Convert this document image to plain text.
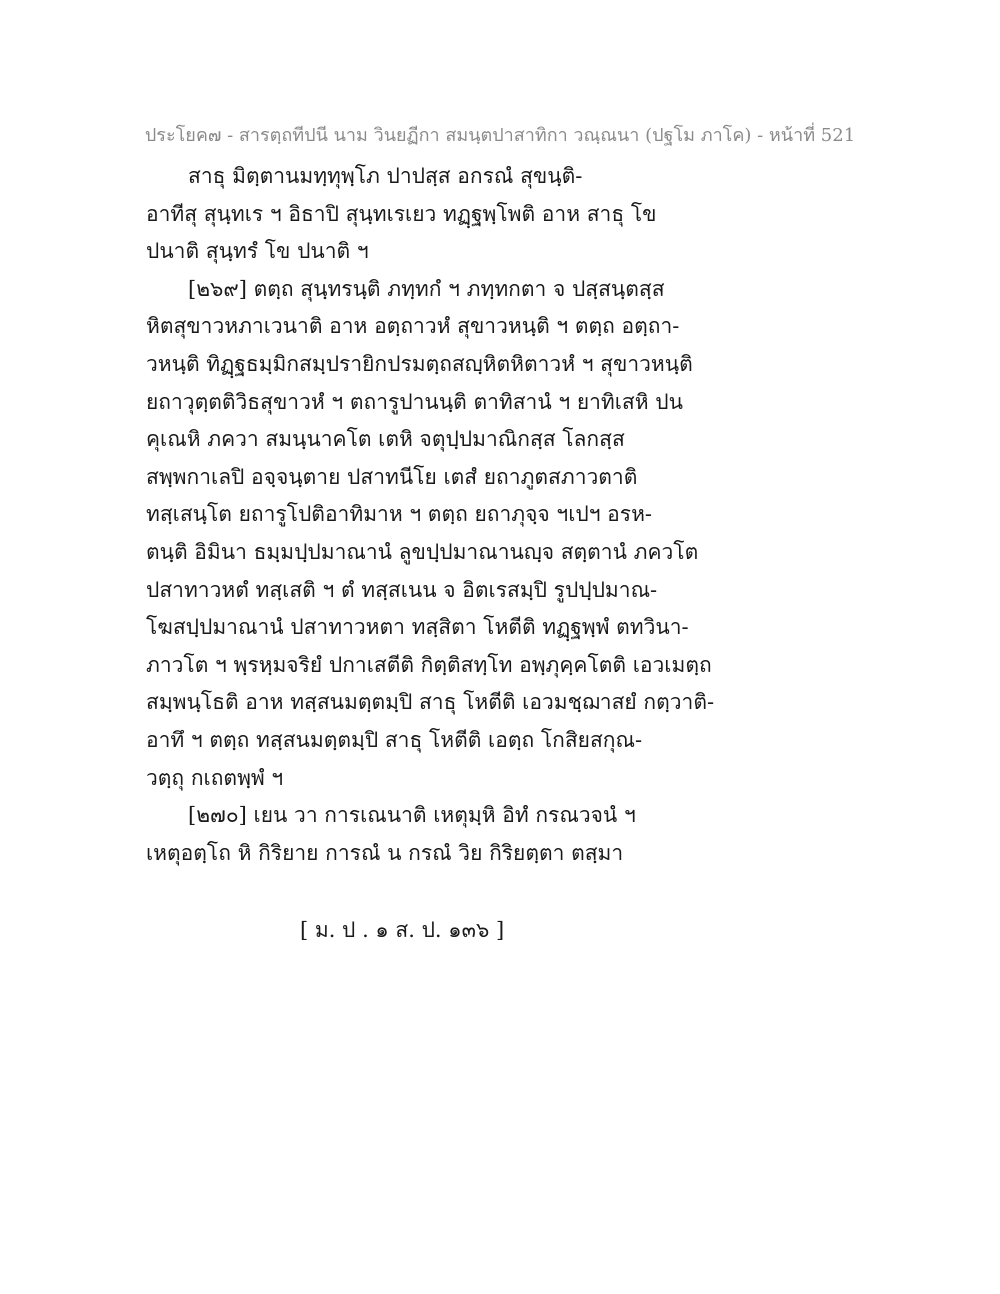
ประโยค๗ - สารตฺถทีปนี นาม วินยฏีกา สมนฺตปาสาทิกา วณฺณนา (ปฐโม ภาโค) - หน้าที่ 521
สาธุ มิตฺตานมทฺทุพฺโภ ปาปสฺส อกรณํ สุขนฺติ-
อาทีสุ สุนฺทเร ฯ อิธาปิ สุนฺทเรเยว ทฏฺฐพฺโพติ อาห สาธุ โข
ปนาติ สุนฺทรํ โข ปนาติ ฯ
[๒๖๙] ตตฺถ สุนฺทรนฺติ ภทฺทกํ ฯ ภทฺทกตา จ ปสฺสนฺตสฺส
หิตสุขาวหภาเวนาติ อาห อตฺถาวหํ สุขาวหนฺติ ฯ ตตฺถ อตฺถา-
วหนฺติ ทิฏฺฐธมฺมิกสมฺปรายิกปรมตฺถสญฺหิตหิตาวหํ ฯ สุขาวหนฺติ
ยถาวุตฺตติวิธสุขาวหํ ฯ ตถารูปานนฺติ ตาทิสานํ ฯ ยาทิเสหิ ปน
คุเณหิ ภควา สมนฺนาคโต เตหิ จตุปฺปมาณิกสฺส โลกสฺส
สพฺพกาเลปิ อจฺจนฺตาย ปสาทนีโย เตสํ ยถาภูตสภาวตาติ
ทสฺเสนฺโต ยถารูโปติอาทิมาห ฯ ตตฺถ ยถาภุจฺจ ฯเปฯ อรห-
ตนฺติ อิมินา ธมฺมปฺปมาณานํ ลูขปฺปมาณานญฺจ สตฺตานํ ภควโต
ปสาทาวหตํ ทสฺเสติ ฯ ตํ ทสฺสเนน จ อิตเรสมฺปิ รูปปฺปมาณ-
โฆสปฺปมาณานํ ปสาทาวหตา ทสฺสิตา โหตีติ ทฏฺฐพฺพํ ตทวินา-
ภาวโต ฯ พฺรหฺมจริยํ ปกาเสตีติ กิตฺติสทฺโท อพฺภุคฺคโตติ เอวเมตฺถ
สมฺพนฺโธติ อาห ทสฺสนมตฺตมฺปิ สาธุ โหตีติ เอวมชฺฌาสยํ กตฺวาติ-
อาทึ ฯ ตตฺถ ทสฺสนมตฺตมฺปิ สาธุ โหตีติ เอตฺถ โกสิยสกุณ-
วตฺถุ กเถตพฺพํ ฯ
[๒๗๐] เยน วา การเณนาติ เหตุมฺหิ อิทํ กรณวจนํ ฯ
เหตุอตฺโถ หิ กิริยาย การณํ น กรณํ วิย กิริยตฺตา ตสฺมา
[ ม. ป . ๑ ส. ป. ๑๓๖ ]
